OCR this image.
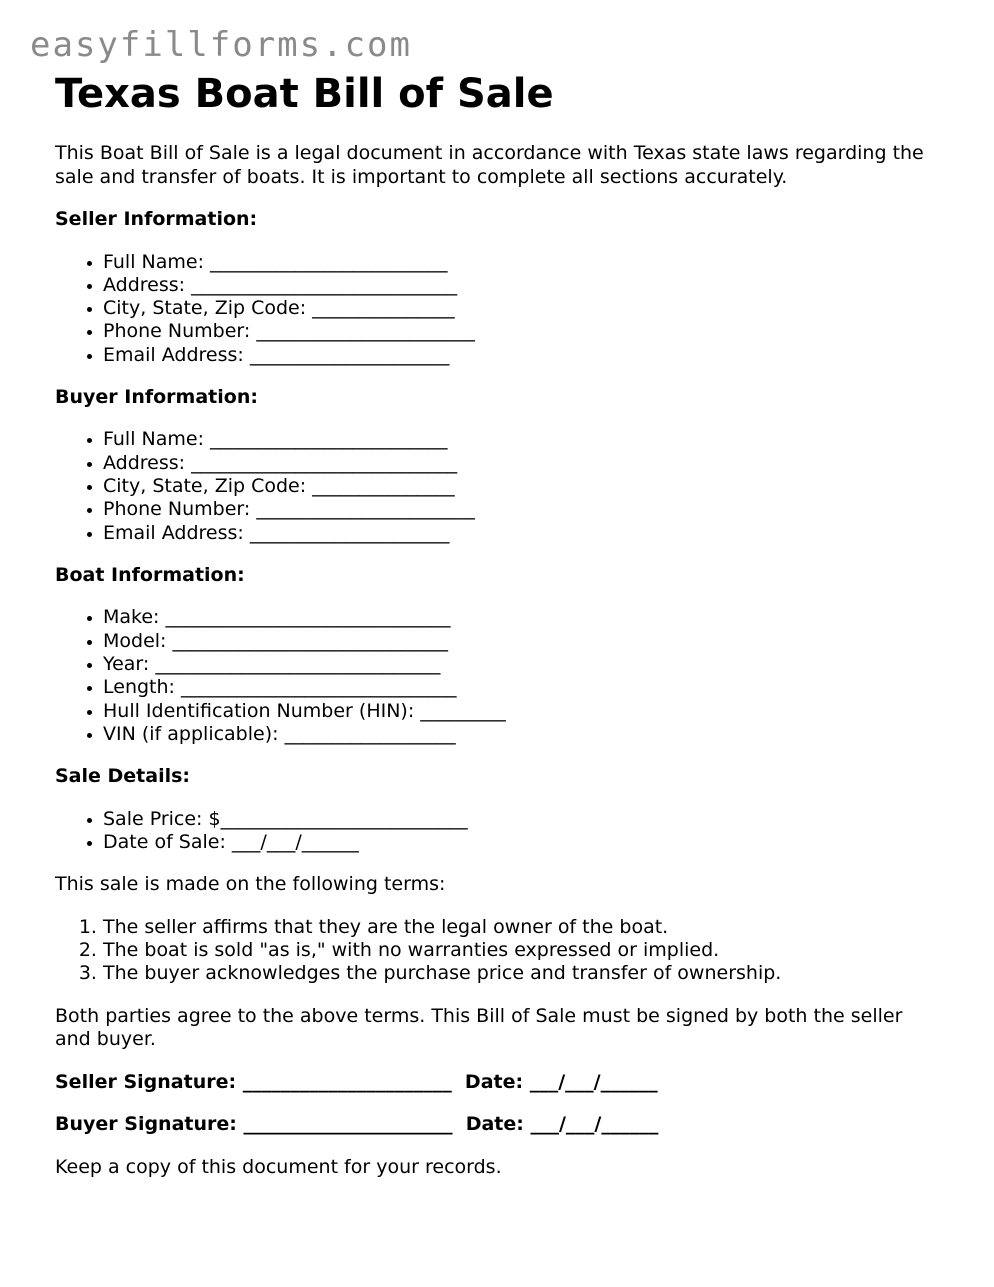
easyfillforms.com
Texas Boat Bill of Sale

This Boat Bill of Sale is a legal document in accordance with Texas state laws regarding the sale and transfer of boats. It is important to complete all sections accurately.

Seller Information:
• Full Name: _________________________
• Address: ____________________________
• City, State, Zip Code: _______________
• Phone Number: _______________________
• Email Address: _____________________
Buyer Information:
• Full Name: _________________________
• Address: ____________________________
• City, State, Zip Code: _______________
• Phone Number: _______________________
• Email Address: _____________________
Boat Information:
• Make: ______________________________
• Model: _____________________________
• Year: ______________________________
• Length: _____________________________
• Hull Identification Number (HIN): _________
• VIN (if applicable): __________________
Sale Details:
• Sale Price: $__________________________
• Date of Sale: ___/___/______

This sale is made on the following terms:

1. The seller affirms that they are the legal owner of the boat.
2. The boat is sold "as is," with no warranties expressed or implied.
3. The buyer acknowledges the purchase price and transfer of ownership.

Both parties agree to the above terms. This Bill of Sale must be signed by both the seller and buyer.

Seller Signature: ______________________  Date: ___/___/______
Buyer Signature: ______________________  Date: ___/___/______

Keep a copy of this document for your records.
